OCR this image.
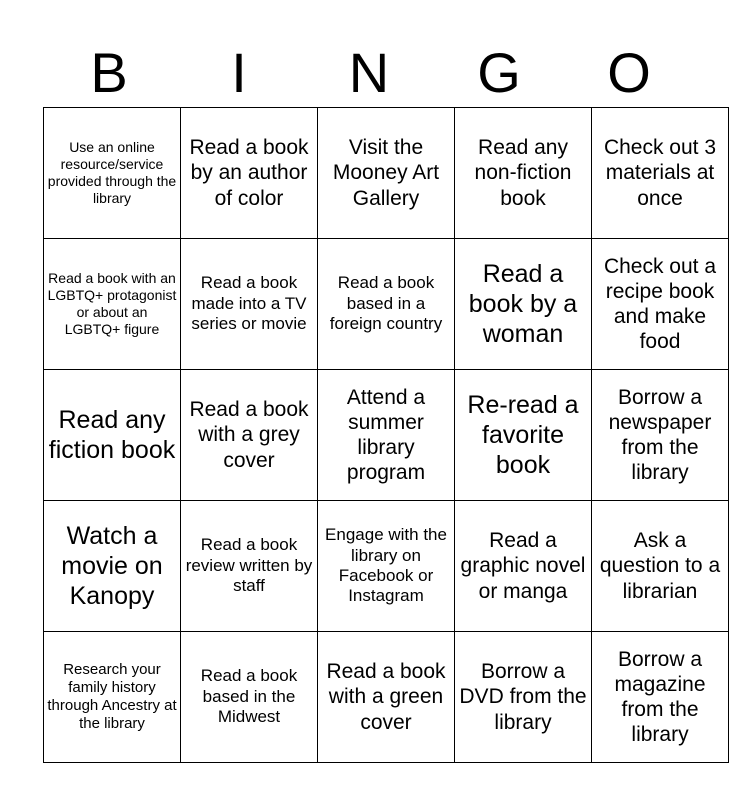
B	I	N	G	O
Use an online resource/service provided through the library	Read a book by an author of color	Visit the Mooney Art Gallery	Read any non-fiction book	Check out 3 materials at once
Read a book with an LGBTQ+ protagonist or about an LGBTQ+ figure	Read a book made into a TV series or movie	Read a book based in a foreign country	Read a book by a woman	Check out a recipe book and make food
Read any fiction book	Read a book with a grey cover	Attend a summer library program	Re-read a favorite book	Borrow a newspaper from the library
Watch a movie on Kanopy	Read a book review written by staff	Engage with the library on Facebook or Instagram	Read a graphic novel or manga	Ask a question to a librarian
Research your family history through Ancestry at the library	Read a book based in the Midwest	Read a book with a green cover	Borrow a DVD from the library	Borrow a magazine from the library
